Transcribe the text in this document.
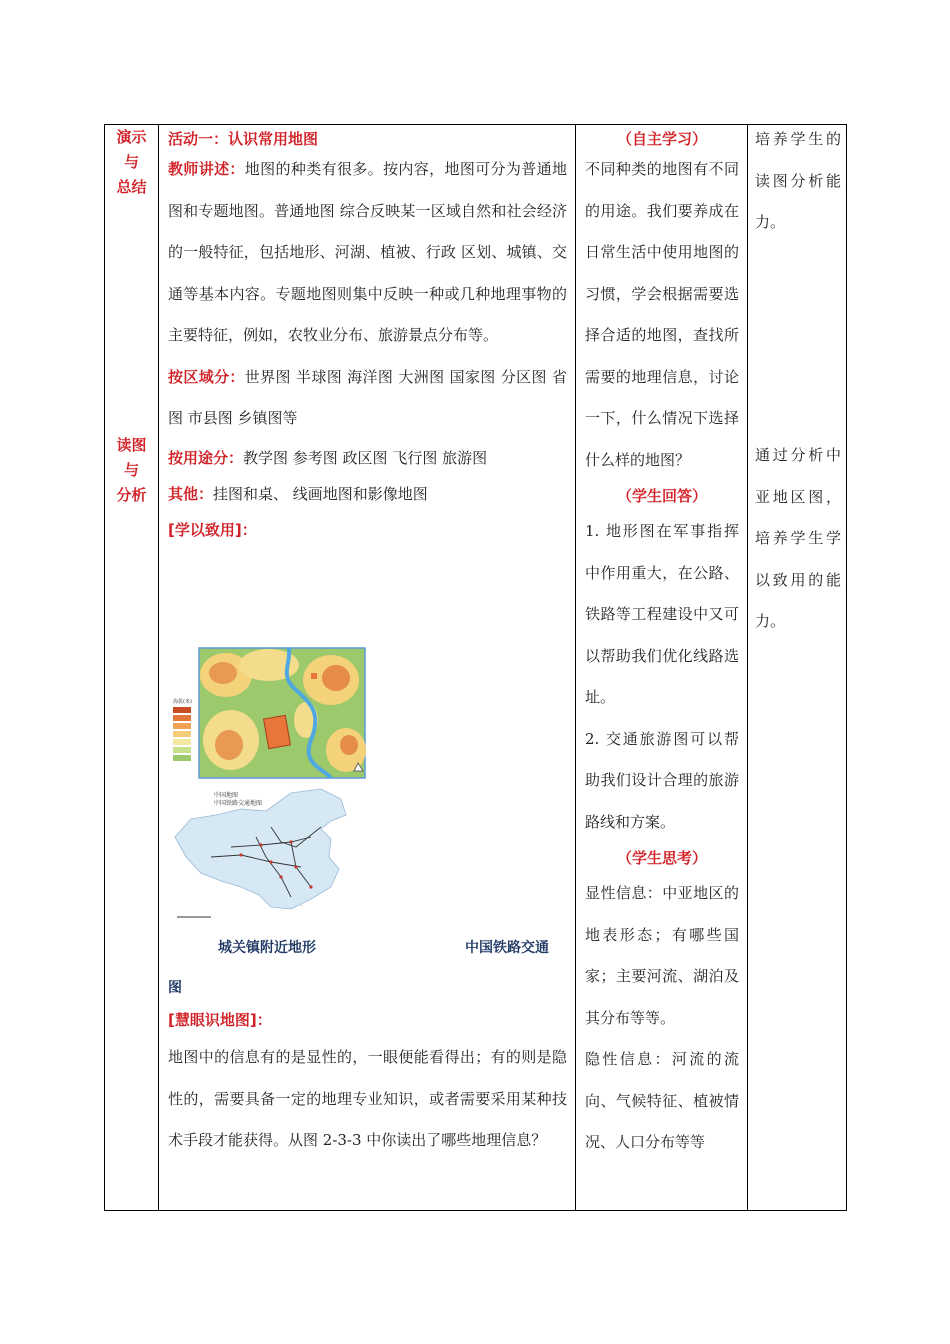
演示
与
总结
读图
与
分析

活动一：认识常用地图

教师讲述：地图的种类有很多。按内容，地图可分为普通地图和专题地图。普通地图 综合反映某一区域自然和社会经济的一般特征，包括地形、河湖、植被、行政 区划、城镇、交通等基本内容。专题地图则集中反映一种或几种地理事物的主要特征，例如，农牧业分布、旅游景点分布等。

按区域分：世界图 半球图 海洋图 大洲图 国家图 分区图 省图 市县图 乡镇图等

按用途分：教学图 参考图 政区图 飞行图 旅游图

其他：挂图和桌、 线画地图和影像地图

[学以致用]：

海拔(米)
中国地图
中国铁路交通地图
城关镇附近地形	中国铁路交通

图

[慧眼识地图]：

地图中的信息有的是显性的，一眼便能看得出；有的则是隐性的，需要具备一定的地理专业知识，或者需要采用某种技术手段才能获得。从图 2-3-3 中你读出了哪些地理信息？

（自主学习）

不同种类的地图有不同的用途。我们要养成在日常生活中使用地图的习惯，学会根据需要选择合适的地图，查找所需要的地理信息，讨论一下，什么情况下选择什么样的地图？

（学生回答）

1. 地形图在军事指挥中作用重大，在公路、铁路等工程建设中又可以帮助我们优化线路选址。

2. 交通旅游图可以帮助我们设计合理的旅游路线和方案。

（学生思考）

显性信息：中亚地区的地表形态；有哪些国家；主要河流、湖泊及其分布等等。

隐性信息：河流的流向、气候特征、植被情况、人口分布等等

培养学生的读图分析能力。

通过分析中亚地区图，培养学生学以致用的能力。
